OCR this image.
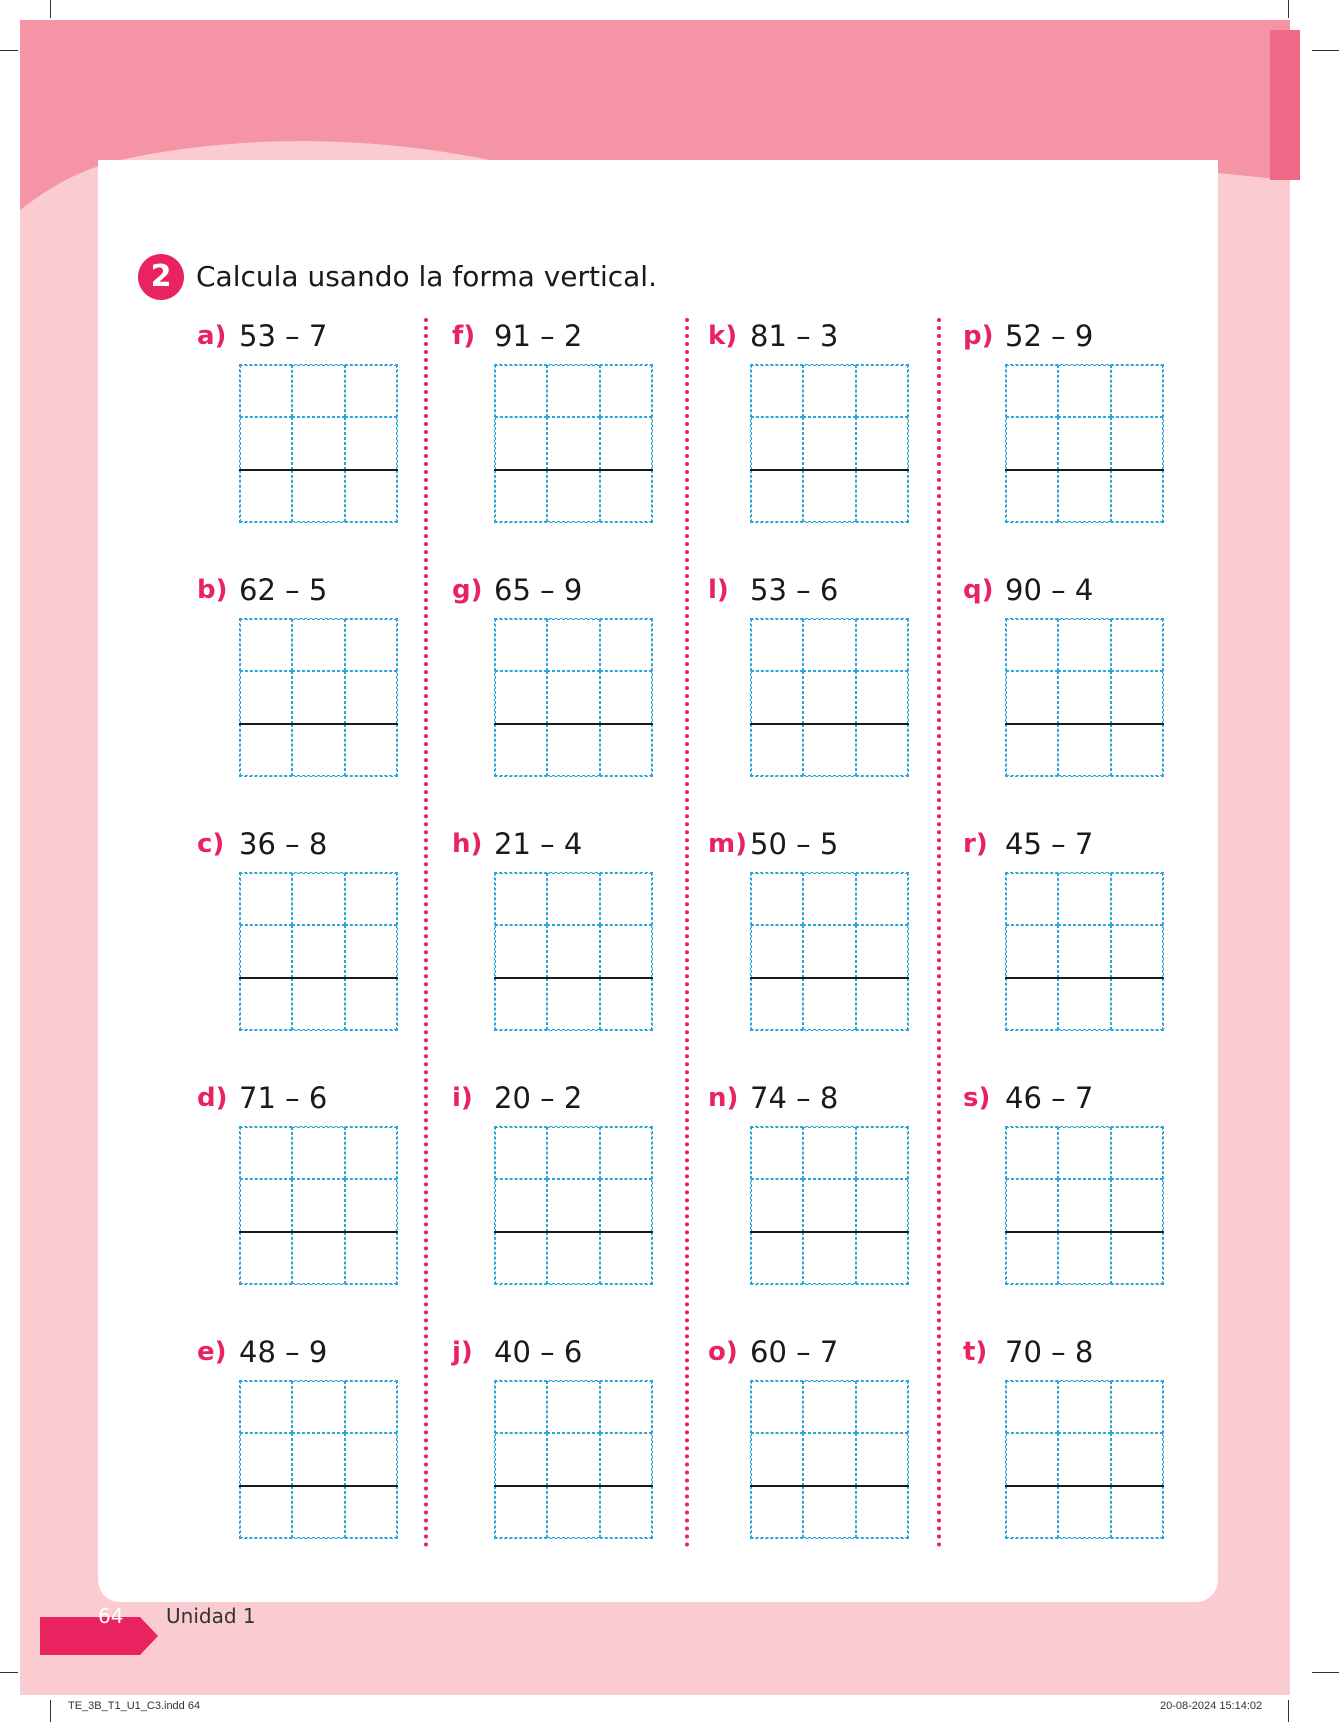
2 Calcula usando la forma vertical.
a) 53 – 7
b) 62 – 5
c) 36 – 8
d) 71 – 6
e) 48 – 9
f) 91 – 2
g) 65 – 9
h) 21 – 4
i) 20 – 2
j) 40 – 6
k) 81 – 3
l) 53 – 6
m) 50 – 5
n) 74 – 8
o) 60 – 7
p) 52 – 9
q) 90 – 4
r) 45 – 7
s) 46 – 7
t) 70 – 8
64 Unidad 1
TE_3B_T1_U1_C3.indd 64	20-08-2024 15:14:02
